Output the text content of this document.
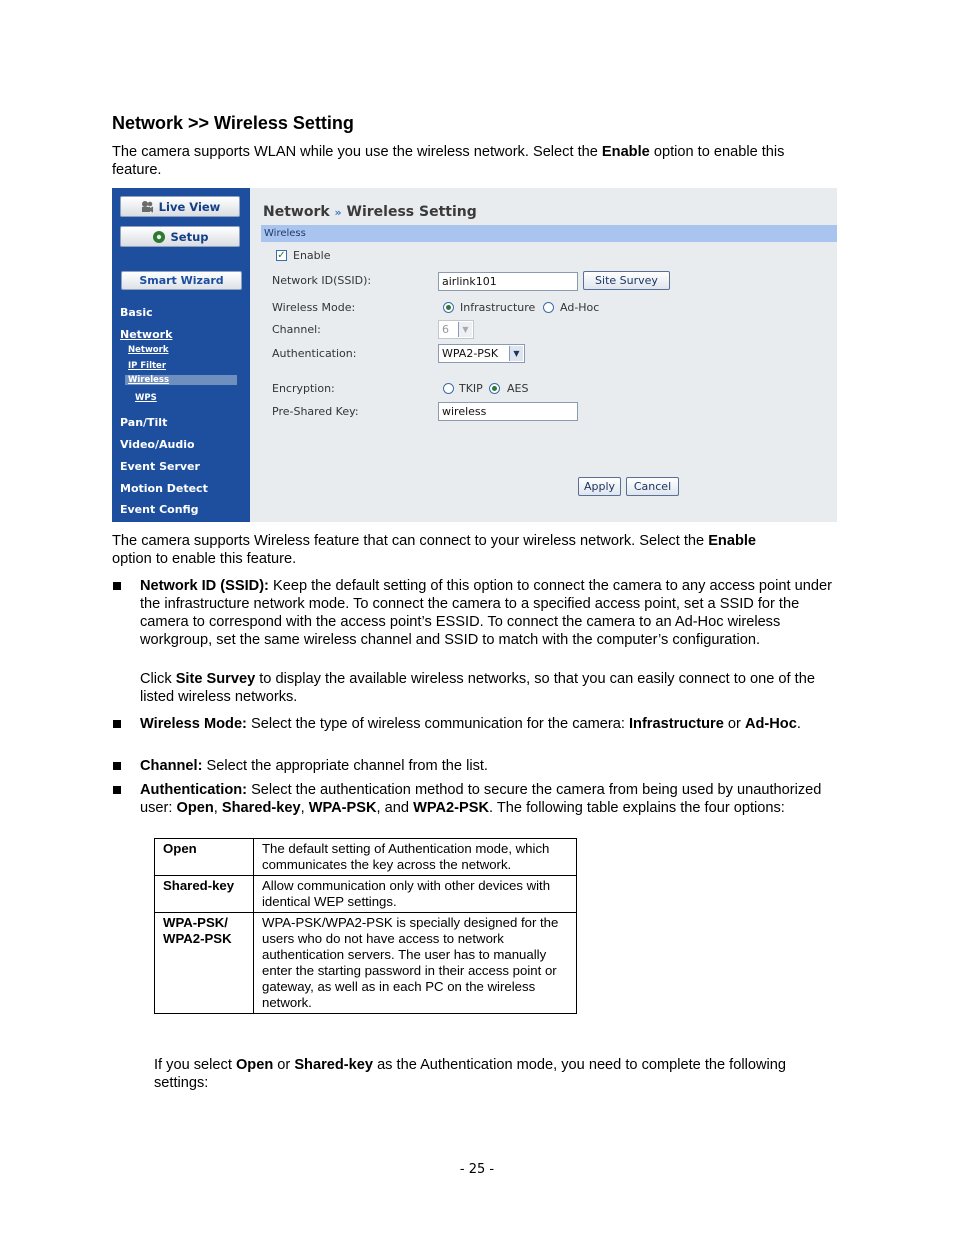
Network >> Wireless Setting
The camera supports WLAN while you use the wireless network. Select the Enable option to enable this
feature.
Live View
Setup
Smart Wizard
Basic
Network
Network
IP Filter
Wireless
WPS
Pan/Tilt
Video/Audio
Event Server
Motion Detect
Event Config
Network » Wireless Setting
Wireless
✓ Enable
Network ID(SSID):	airlink101	Site Survey
Wireless Mode:	Infrastructure Ad-Hoc
Channel:	6	▼
Authentication:	WPA2-PSK	▼
Encryption:	TKIP AES
Pre-Shared Key:	wireless
Apply	Cancel
The camera supports Wireless feature that can connect to your wireless network. Select the Enable
option to enable this feature.
Network ID (SSID): Keep the default setting of this option to connect the camera to any access point under the infrastructure network mode. To connect the camera to a specified access point, set a SSID for the camera to correspond with the access point’s ESSID. To connect the camera to an Ad-Hoc wireless workgroup, set the same wireless channel and SSID to match with the computer’s configuration.
Click Site Survey to display the available wireless networks, so that you can easily connect to one of the listed wireless networks.
Wireless Mode: Select the type of wireless communication for the camera: Infrastructure or Ad-Hoc.
Channel: Select the appropriate channel from the list.
Authentication: Select the authentication method to secure the camera from being used by unauthorized user: Open, Shared-key, WPA-PSK, and WPA2-PSK. The following table explains the four options:
Open	The default setting of Authentication mode, which communicates the key across the network.
Shared-key	Allow communication only with other devices with identical WEP settings.
WPA-PSK/ WPA2-PSK	WPA-PSK/WPA2-PSK is specially designed for the users who do not have access to network authentication servers. The user has to manually enter the starting password in their access point or gateway, as well as in each PC on the wireless network.
If you select Open or Shared-key as the Authentication mode, you need to complete the following settings:
- 25 -
